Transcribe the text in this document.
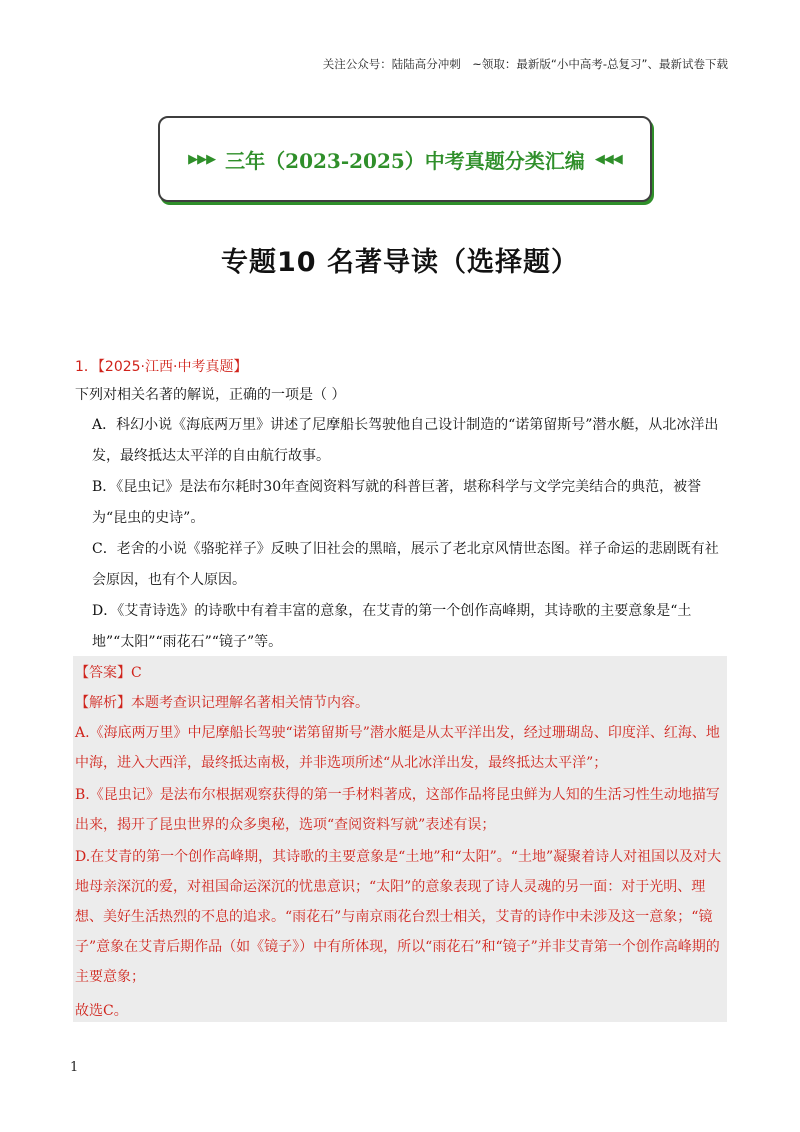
关注公众号：陆陆高分冲刺　~领取：最新版“小中高考-总复习”、最新试卷下载
▶▶▶ 三年（2023-2025）中考真题分类汇编 ◀◀◀
专题10 名著导读（选择题）
1．【2025·江西·中考真题】
下列对相关名著的解说，正确的一项是（ ）
A．科幻小说《海底两万里》讲述了尼摩船长驾驶他自己设计制造的“诺第留斯号”潜水艇，从北冰洋出发，最终抵达太平洋的自由航行故事。
B．《昆虫记》是法布尔耗时30年查阅资料写就的科普巨著，堪称科学与文学完美结合的典范，被誉为“昆虫的史诗”。
C．老舍的小说《骆驼祥子》反映了旧社会的黑暗，展示了老北京风情世态图。祥子命运的悲剧既有社会原因，也有个人原因。
D．《艾青诗选》的诗歌中有着丰富的意象，在艾青的第一个创作高峰期，其诗歌的主要意象是“土地”“太阳”“雨花石”“镜子”等。
【答案】C
【解析】本题考查识记理解名著相关情节内容。
A.《海底两万里》中尼摩船长驾驶“诺第留斯号”潜水艇是从太平洋出发，经过珊瑚岛、印度洋、红海、地中海，进入大西洋，最终抵达南极，并非选项所述“从北冰洋出发，最终抵达太平洋”；
B.《昆虫记》是法布尔根据观察获得的第一手材料著成，这部作品将昆虫鲜为人知的生活习性生动地描写出来，揭开了昆虫世界的众多奥秘，选项“查阅资料写就”表述有误；
D.在艾青的第一个创作高峰期，其诗歌的主要意象是“土地”和“太阳”。“土地”凝聚着诗人对祖国以及对大地母亲深沉的爱，对祖国命运深沉的忧患意识；“太阳”的意象表现了诗人灵魂的另一面：对于光明、理想、美好生活热烈的不息的追求。“雨花石”与南京雨花台烈士相关，艾青的诗作中未涉及这一意象；“镜子”意象在艾青后期作品（如《镜子》）中有所体现，所以“雨花石”和“镜子”并非艾青第一个创作高峰期的主要意象；
故选C。
1
